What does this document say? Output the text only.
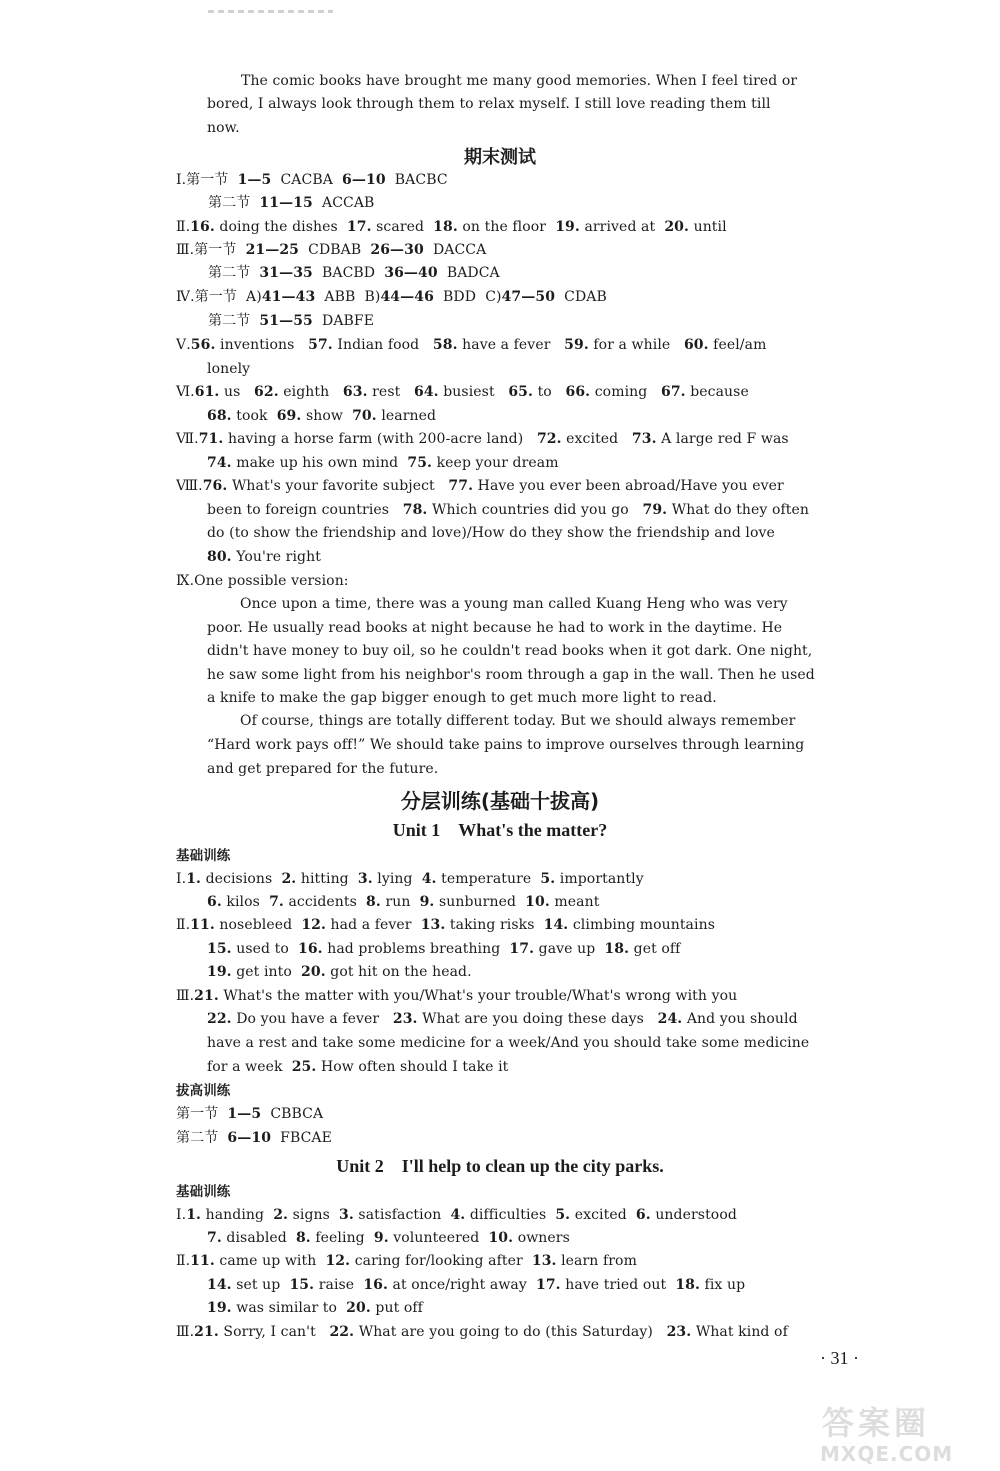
The comic books have brought me many good memories. When I feel tired or
bored, I always look through them to relax myself. I still love reading them till
now.
期末测试
Ⅰ.第一节 1—5 CACBA 6—10 BACBC
第二节 11—15 ACCAB
Ⅱ.16. doing the dishes 17. scared 18. on the floor 19. arrived at 20. until
Ⅲ.第一节 21—25 CDBAB 26—30 DACCA
第二节 31—35 BACBD 36—40 BADCA
Ⅳ.第一节 A)41—43 ABB B)44—46 BDD C)47—50 CDAB
第二节 51—55 DABFE
Ⅴ.56. inventions 57. Indian food 58. have a fever 59. for a while 60. feel/am
lonely
Ⅵ.61. us 62. eighth 63. rest 64. busiest 65. to 66. coming 67. because
68. took 69. show 70. learned
Ⅶ.71. having a horse farm (with 200-acre land) 72. excited 73. A large red F was
74. make up his own mind 75. keep your dream
Ⅷ.76. What's your favorite subject 77. Have you ever been abroad/Have you ever
been to foreign countries 78. Which countries did you go 79. What do they often
do (to show the friendship and love)/How do they show the friendship and love
80. You're right
Ⅸ.One possible version:
Once upon a time, there was a young man called Kuang Heng who was very
poor. He usually read books at night because he had to work in the daytime. He
didn't have money to buy oil, so he couldn't read books when it got dark. One night,
he saw some light from his neighbor's room through a gap in the wall. Then he used
a knife to make the gap bigger enough to get much more light to read.
Of course, things are totally different today. But we should always remember
“Hard work pays off!” We should take pains to improve ourselves through learning
and get prepared for the future.
分层训练(基础十拔高)
Unit 1　What's the matter?
基础训练
Ⅰ.1. decisions 2. hitting 3. lying 4. temperature 5. importantly
6. kilos 7. accidents 8. run 9. sunburned 10. meant
Ⅱ.11. nosebleed 12. had a fever 13. taking risks 14. climbing mountains
15. used to 16. had problems breathing 17. gave up 18. get off
19. get into 20. got hit on the head.
Ⅲ.21. What's the matter with you/What's your trouble/What's wrong with you
22. Do you have a fever 23. What are you doing these days 24. And you should
have a rest and take some medicine for a week/And you should take some medicine
for a week 25. How often should I take it
拔高训练
第一节 1—5 CBBCA
第二节 6—10 FBCAE
Unit 2　I'll help to clean up the city parks.
基础训练
Ⅰ.1. handing 2. signs 3. satisfaction 4. difficulties 5. excited 6. understood
7. disabled 8. feeling 9. volunteered 10. owners
Ⅱ.11. came up with 12. caring for/looking after 13. learn from
14. set up 15. raise 16. at once/right away 17. have tried out 18. fix up
19. was similar to 20. put off
Ⅲ.21. Sorry, I can't 22. What are you going to do (this Saturday) 23. What kind of
· 31 ·
答案圈
MXQE.COM
